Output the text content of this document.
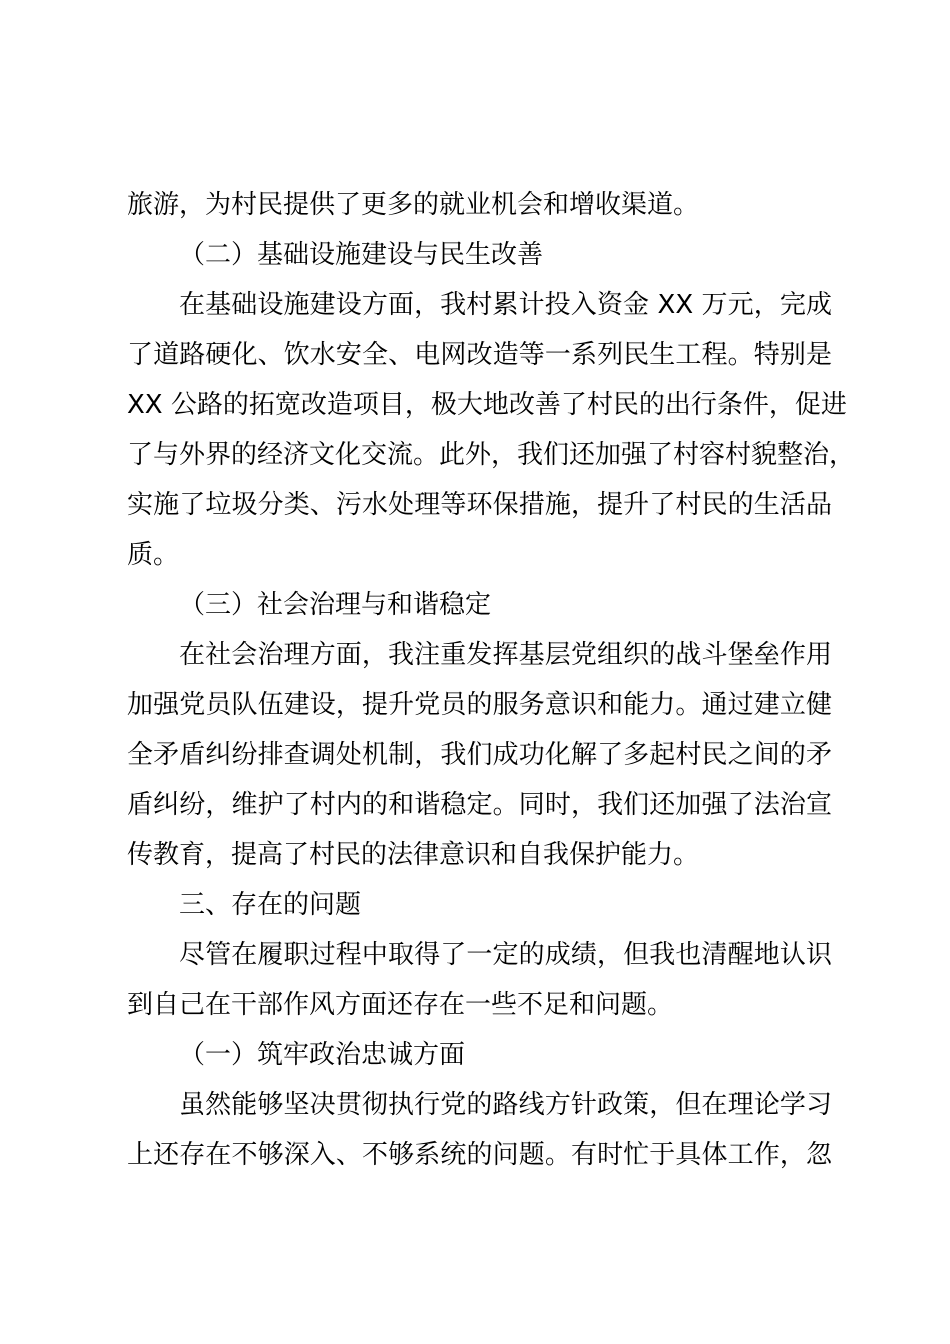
旅游，为村民提供了更多的就业机会和增收渠道。
（二）基础设施建设与民生改善
在基础设施建设方面，我村累计投入资金 XX 万元，完成
了道路硬化、饮水安全、电网改造等一系列民生工程。特别是
XX 公路的拓宽改造项目，极大地改善了村民的出行条件，促进
了与外界的经济文化交流。此外，我们还加强了村容村貌整治，
实施了垃圾分类、污水处理等环保措施，提升了村民的生活品
质。
（三）社会治理与和谐稳定
在社会治理方面，我注重发挥基层党组织的战斗堡垒作用
加强党员队伍建设，提升党员的服务意识和能力。通过建立健
全矛盾纠纷排查调处机制，我们成功化解了多起村民之间的矛
盾纠纷，维护了村内的和谐稳定。同时，我们还加强了法治宣
传教育，提高了村民的法律意识和自我保护能力。
三、存在的问题
尽管在履职过程中取得了一定的成绩，但我也清醒地认识
到自己在干部作风方面还存在一些不足和问题。
（一）筑牢政治忠诚方面
虽然能够坚决贯彻执行党的路线方针政策，但在理论学习
上还存在不够深入、不够系统的问题。有时忙于具体工作，忽
